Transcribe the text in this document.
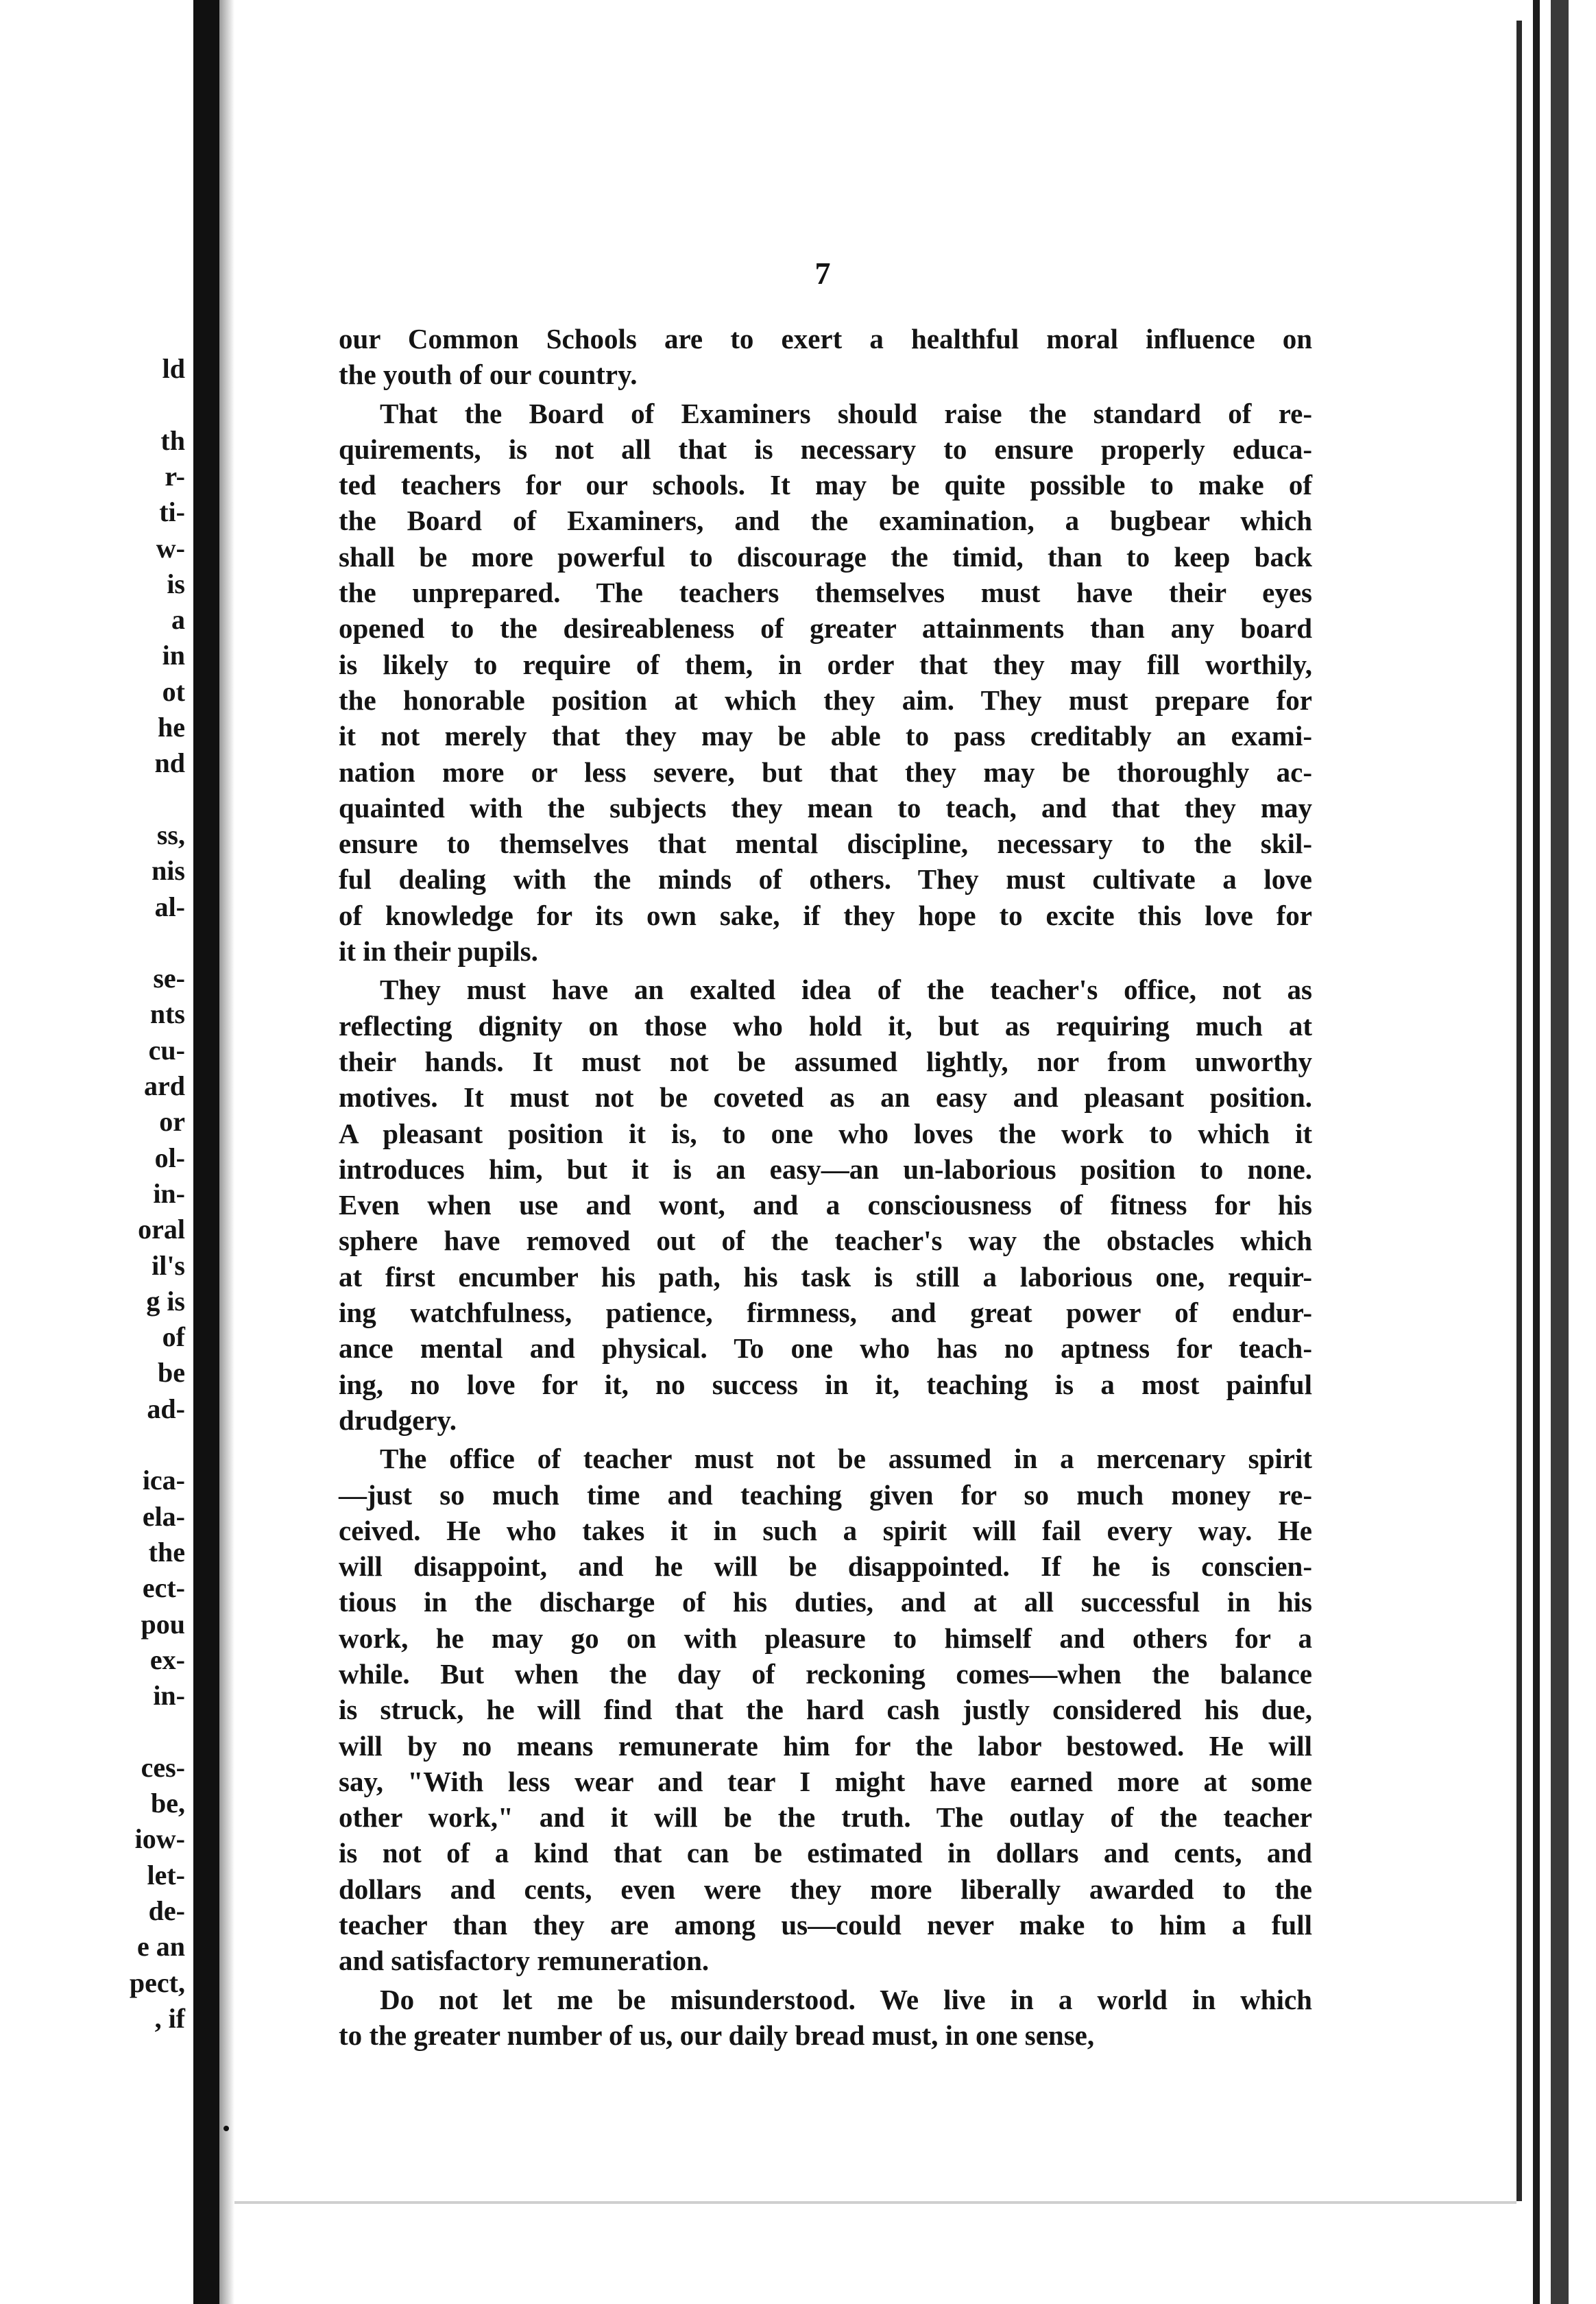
ld
th
r-
ti-
w-
is
a
in
ot
he
nd
ss,
nis
al-
se-
nts
cu-
ard
or
ol-
in-
oral
il's
g is
of
be
ad-
ica-
ela-
the
ect-
pou
ex-
in-
ces-
be,
iow-
let-
de-
e an
pect,
, if
7
our Common Schools are to exert a healthful moral influence on
the youth of our country.
That the Board of Examiners should raise the standard of re-
quirements, is not all that is necessary to ensure properly educa-
ted teachers for our schools. It may be quite possible to make of
the Board of Examiners, and the examination, a bugbear which
shall be more powerful to discourage the timid, than to keep back
the unprepared. The teachers themselves must have their eyes
opened to the desireableness of greater attainments than any board
is likely to require of them, in order that they may fill worthily,
the honorable position at which they aim. They must prepare for
it not merely that they may be able to pass creditably an exami-
nation more or less severe, but that they may be thoroughly ac-
quainted with the subjects they mean to teach, and that they may
ensure to themselves that mental discipline, necessary to the skil-
ful dealing with the minds of others. They must cultivate a love
of knowledge for its own sake, if they hope to excite this love for
it in their pupils.
They must have an exalted idea of the teacher's office, not as
reflecting dignity on those who hold it, but as requiring much at
their hands. It must not be assumed lightly, nor from unworthy
motives. It must not be coveted as an easy and pleasant position.
A pleasant position it is, to one who loves the work to which it
introduces him, but it is an easy—an un-laborious position to none.
Even when use and wont, and a consciousness of fitness for his
sphere have removed out of the teacher's way the obstacles which
at first encumber his path, his task is still a laborious one, requir-
ing watchfulness, patience, firmness, and great power of endur-
ance mental and physical. To one who has no aptness for teach-
ing, no love for it, no success in it, teaching is a most painful
drudgery.
The office of teacher must not be assumed in a mercenary spirit
—just so much time and teaching given for so much money re-
ceived. He who takes it in such a spirit will fail every way. He
will disappoint, and he will be disappointed. If he is conscien-
tious in the discharge of his duties, and at all successful in his
work, he may go on with pleasure to himself and others for a
while. But when the day of reckoning comes—when the balance
is struck, he will find that the hard cash justly considered his due,
will by no means remunerate him for the labor bestowed. He will
say, "With less wear and tear I might have earned more at some
other work," and it will be the truth. The outlay of the teacher
is not of a kind that can be estimated in dollars and cents, and
dollars and cents, even were they more liberally awarded to the
teacher than they are among us—could never make to him a full
and satisfactory remuneration.
Do not let me be misunderstood. We live in a world in which
to the greater number of us, our daily bread must, in one sense,
